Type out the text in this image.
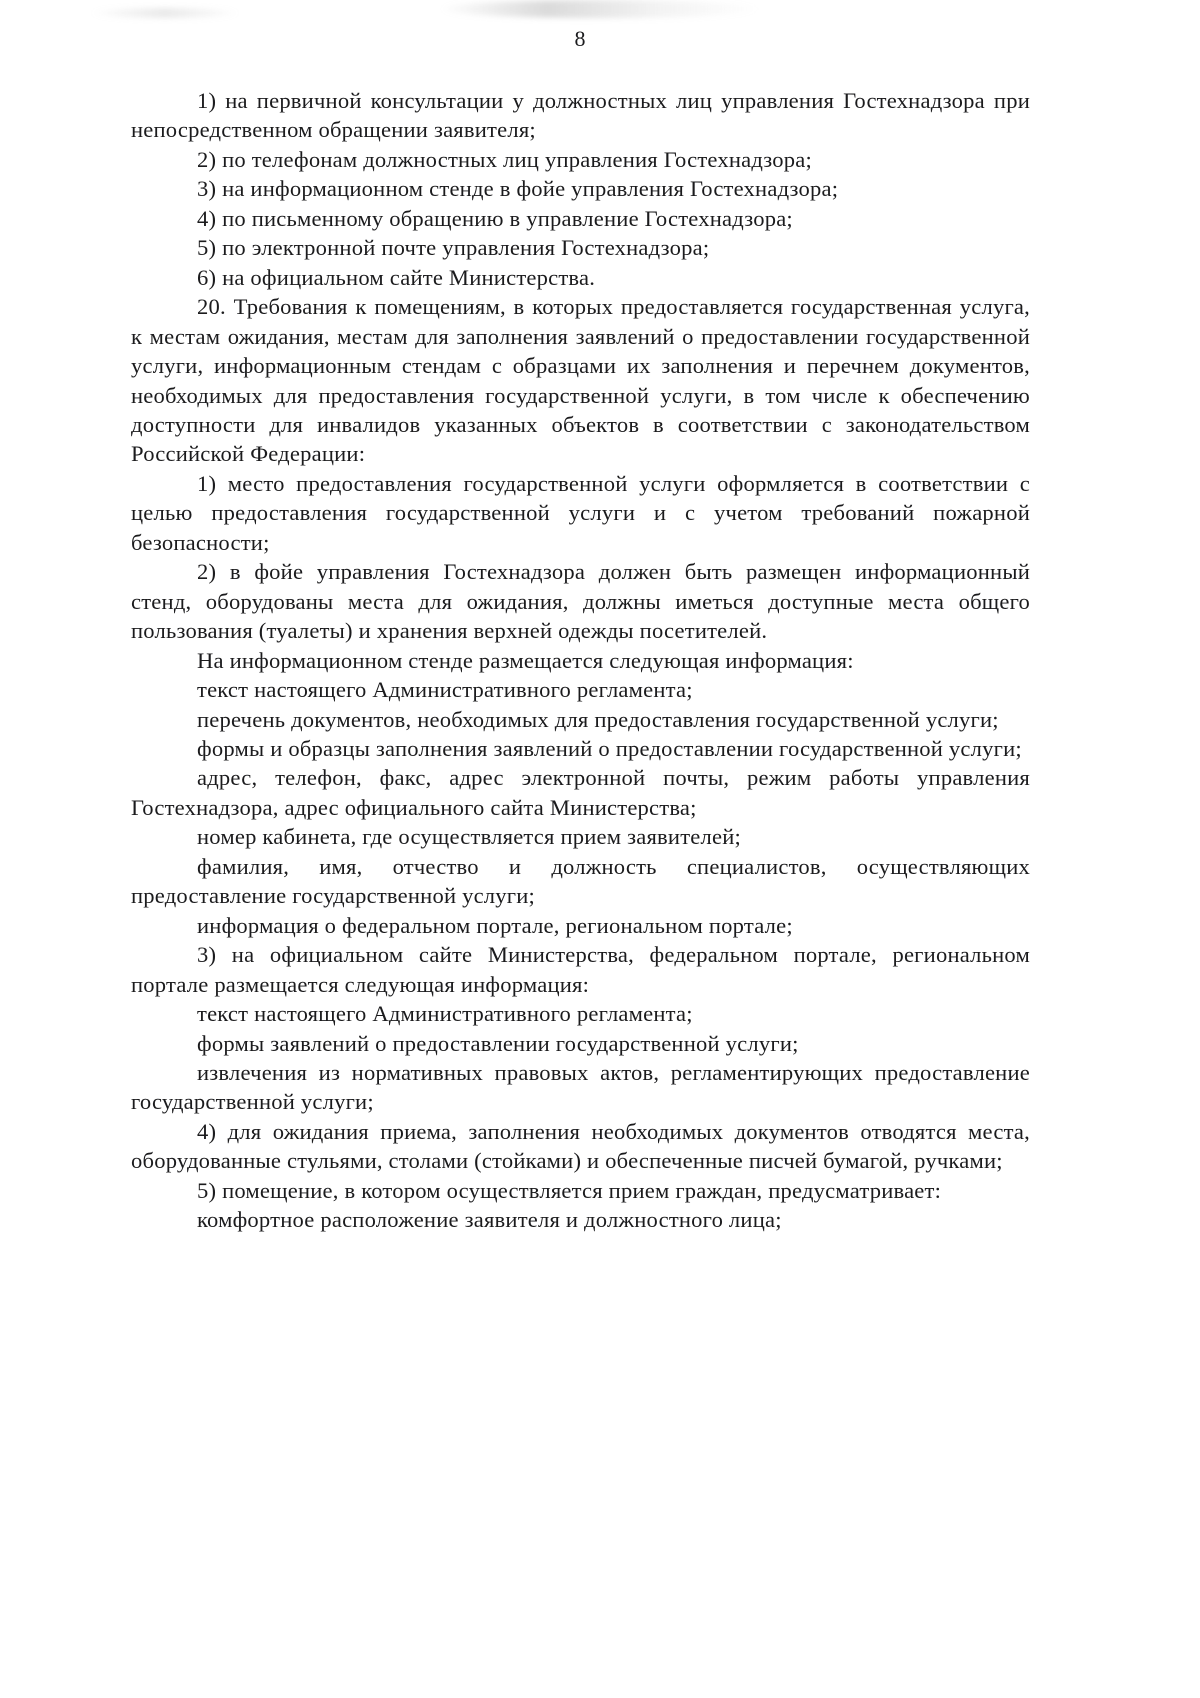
8

1) на первичной консультации у должностных лиц управления Гостехнадзора при непосредственном обращении заявителя;

2) по телефонам должностных лиц управления Гостехнадзора;

3) на информационном стенде в фойе управления Гостехнадзора;

4) по письменному обращению в управление Гостехнадзора;

5) по электронной почте управления Гостехнадзора;

6) на официальном сайте Министерства.

20. Требования к помещениям, в которых предоставляется государственная услуга, к местам ожидания, местам для заполнения заявлений о предоставлении государственной услуги, информационным стендам с образцами их заполнения и перечнем документов, необходимых для предоставления государственной услуги, в том числе к обеспечению доступности для инвалидов указанных объектов в соответствии с законодательством Российской Федерации:

1) место предоставления государственной услуги оформляется в соответствии с целью предоставления государственной услуги и с учетом требований пожарной безопасности;

2) в фойе управления Гостехнадзора должен быть размещен информационный стенд, оборудованы места для ожидания, должны иметься доступные места общего пользования (туалеты) и хранения верхней одежды посетителей.

На информационном стенде размещается следующая информация:

текст настоящего Административного регламента;

перечень документов, необходимых для предоставления государственной услуги;

формы и образцы заполнения заявлений о предоставлении государственной услуги;

адрес, телефон, факс, адрес электронной почты, режим работы управления Гостехнадзора, адрес официального сайта Министерства;

номер кабинета, где осуществляется прием заявителей;

фамилия, имя, отчество и должность специалистов, осуществляющих предоставление государственной услуги;

информация о федеральном портале, региональном портале;

3) на официальном сайте Министерства, федеральном портале, региональном портале размещается следующая информация:

текст настоящего Административного регламента;

формы заявлений о предоставлении государственной услуги;

извлечения из нормативных правовых актов, регламентирующих предоставление государственной услуги;

4) для ожидания приема, заполнения необходимых документов отводятся места, оборудованные стульями, столами (стойками) и обеспеченные писчей бумагой, ручками;

5) помещение, в котором осуществляется прием граждан, предусматривает:

комфортное расположение заявителя и должностного лица;
